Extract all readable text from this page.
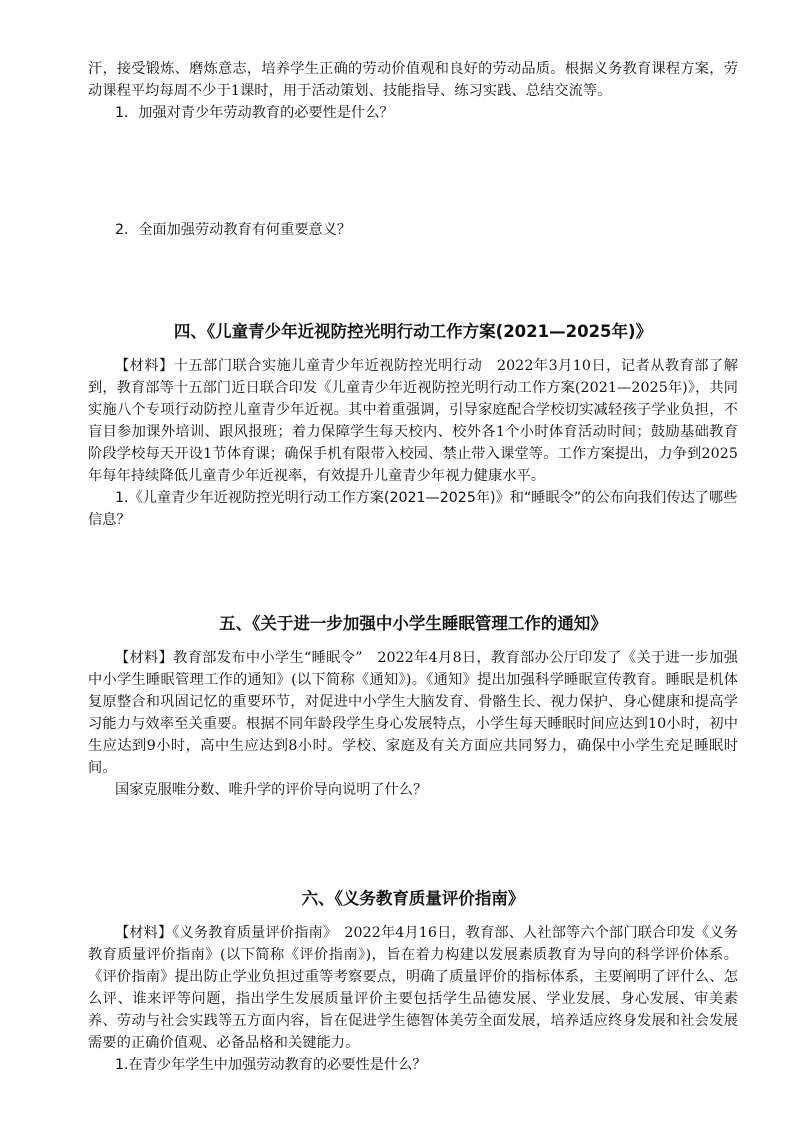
汗，接受锻炼、磨炼意志，培养学生正确的劳动价值观和良好的劳动品质。根据义务教育课程方案，劳动课程平均每周不少于1课时，用于活动策划、技能指导、练习实践、总结交流等。

1．加强对青少年劳动教育的必要性是什么？

2．全面加强劳动教育有何重要意义？

四、《儿童青少年近视防控光明行动工作方案(2021—2025年)》

【材料】十五部门联合实施儿童青少年近视防控光明行动　2022年3月10日，记者从教育部了解到，教育部等十五部门近日联合印发《儿童青少年近视防控光明行动工作方案(2021—2025年)》，共同实施八个专项行动防控儿童青少年近视。其中着重强调，引导家庭配合学校切实减轻孩子学业负担，不盲目参加课外培训、跟风报班；着力保障学生每天校内、校外各1个小时体育活动时间；鼓励基础教育阶段学校每天开设1节体育课；确保手机有限带入校园、禁止带入课堂等。工作方案提出，力争到2025年每年持续降低儿童青少年近视率，有效提升儿童青少年视力健康水平。

1.《儿童青少年近视防控光明行动工作方案(2021—2025年)》和“睡眠令”的公布向我们传达了哪些信息？

五、《关于进一步加强中小学生睡眠管理工作的通知》

【材料】教育部发布中小学生“睡眠令”　2022年4月8日，教育部办公厅印发了《关于进一步加强中小学生睡眠管理工作的通知》(以下简称《通知》)。《通知》提出加强科学睡眠宣传教育。睡眠是机体复原整合和巩固记忆的重要环节，对促进中小学生大脑发育、骨骼生长、视力保护、身心健康和提高学习能力与效率至关重要。根据不同年龄段学生身心发展特点，小学生每天睡眠时间应达到10小时，初中生应达到9小时，高中生应达到8小时。学校、家庭及有关方面应共同努力，确保中小学生充足睡眠时间。

国家克服唯分数、唯升学的评价导向说明了什么？

六、《义务教育质量评价指南》

【材料】《义务教育质量评价指南》　2022年4月16日，教育部、人社部等六个部门联合印发《义务教育质量评价指南》(以下简称《评价指南》)，旨在着力构建以发展素质教育为导向的科学评价体系。《评价指南》提出防止学业负担过重等考察要点，明确了质量评价的指标体系，主要阐明了评什么、怎么评、谁来评等问题，指出学生发展质量评价主要包括学生品德发展、学业发展、身心发展、审美素养、劳动与社会实践等五方面内容，旨在促进学生德智体美劳全面发展，培养适应终身发展和社会发展需要的正确价值观、必备品格和关键能力。

1.在青少年学生中加强劳动教育的必要性是什么？
